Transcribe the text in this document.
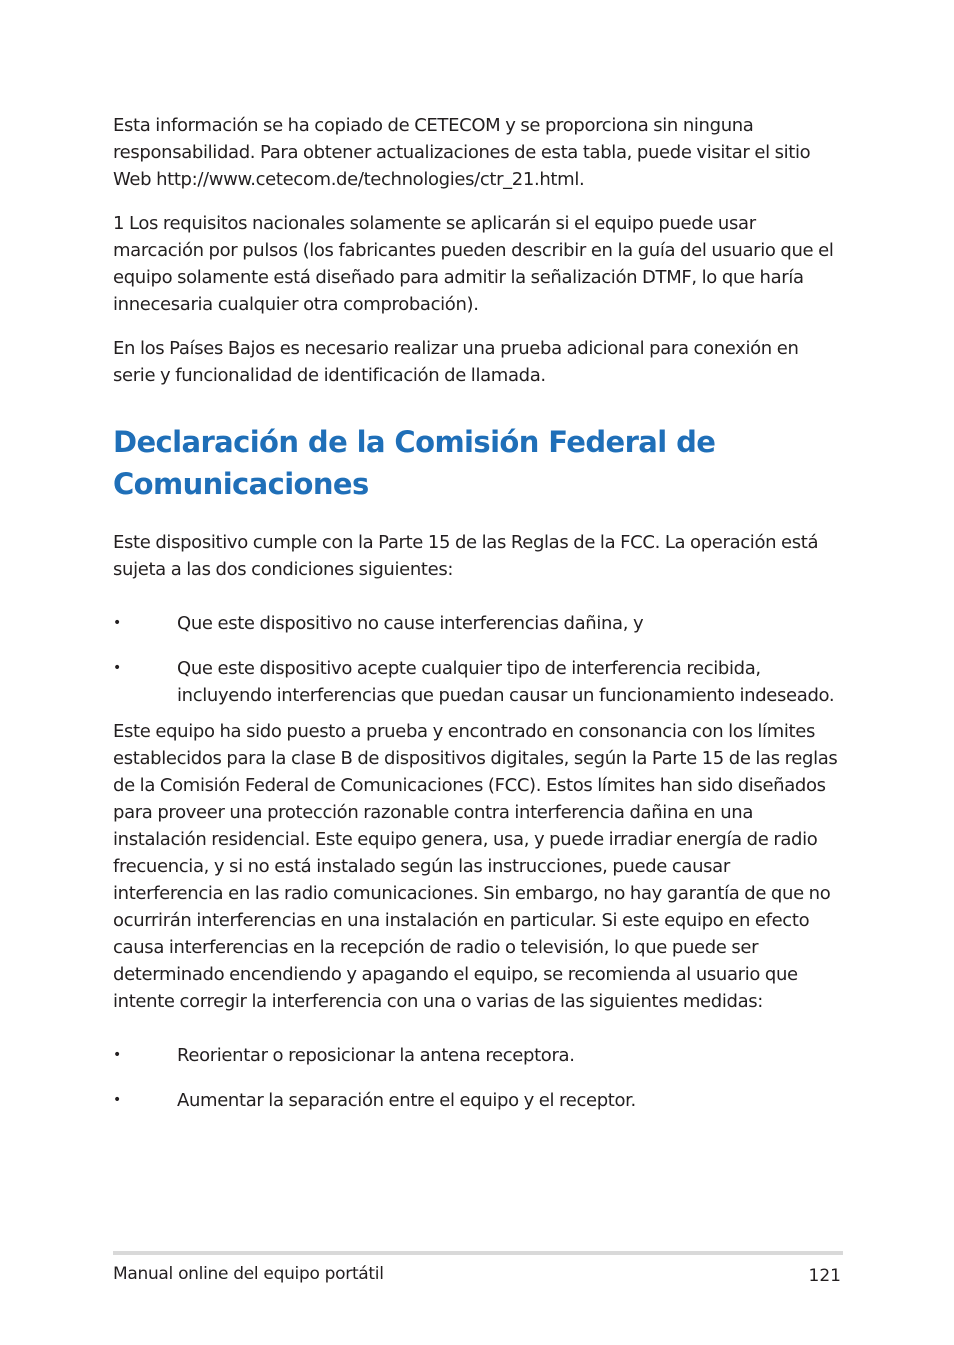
Esta información se ha copiado de CETECOM y se proporciona sin ninguna responsabilidad. Para obtener actualizaciones de esta tabla, puede visitar el sitio Web http://www.cetecom.de/technologies/ctr_21.html.

1 Los requisitos nacionales solamente se aplicarán si el equipo puede usar marcación por pulsos (los fabricantes pueden describir en la guía del usuario que el equipo solamente está diseñado para admitir la señalización DTMF, lo que haría innecesaria cualquier otra comprobación).

En los Países Bajos es necesario realizar una prueba adicional para conexión en serie y funcionalidad de identificación de llamada.

Declaración de la Comisión Federal de Comunicaciones

Este dispositivo cumple con la Parte 15 de las Reglas de la FCC. La operación está sujeta a las dos condiciones siguientes:

•	Que este dispositivo no cause interferencias dañina, y
•	Que este dispositivo acepte cualquier tipo de interferencia recibida, incluyendo interferencias que puedan causar un funcionamiento indeseado.

Este equipo ha sido puesto a prueba y encontrado en consonancia con los límites establecidos para la clase B de dispositivos digitales, según la Parte 15 de las reglas de la Comisión Federal de Comunicaciones (FCC). Estos límites han sido diseñados para proveer una protección razonable contra interferencia dañina en una instalación residencial. Este equipo genera, usa, y puede irradiar energía de radio frecuencia, y si no está instalado según las instrucciones, puede causar interferencia en las radio comunicaciones. Sin embargo, no hay garantía de que no ocurrirán interferencias en una instalación en particular. Si este equipo en efecto causa interferencias en la recepción de radio o televisión, lo que puede ser determinado encendiendo y apagando el equipo, se recomienda al usuario que intente corregir la interferencia con una o varias de las siguientes medidas:

•	Reorientar o reposicionar la antena receptora.
•	Aumentar la separación entre el equipo y el receptor.
Manual online del equipo portátil	121
